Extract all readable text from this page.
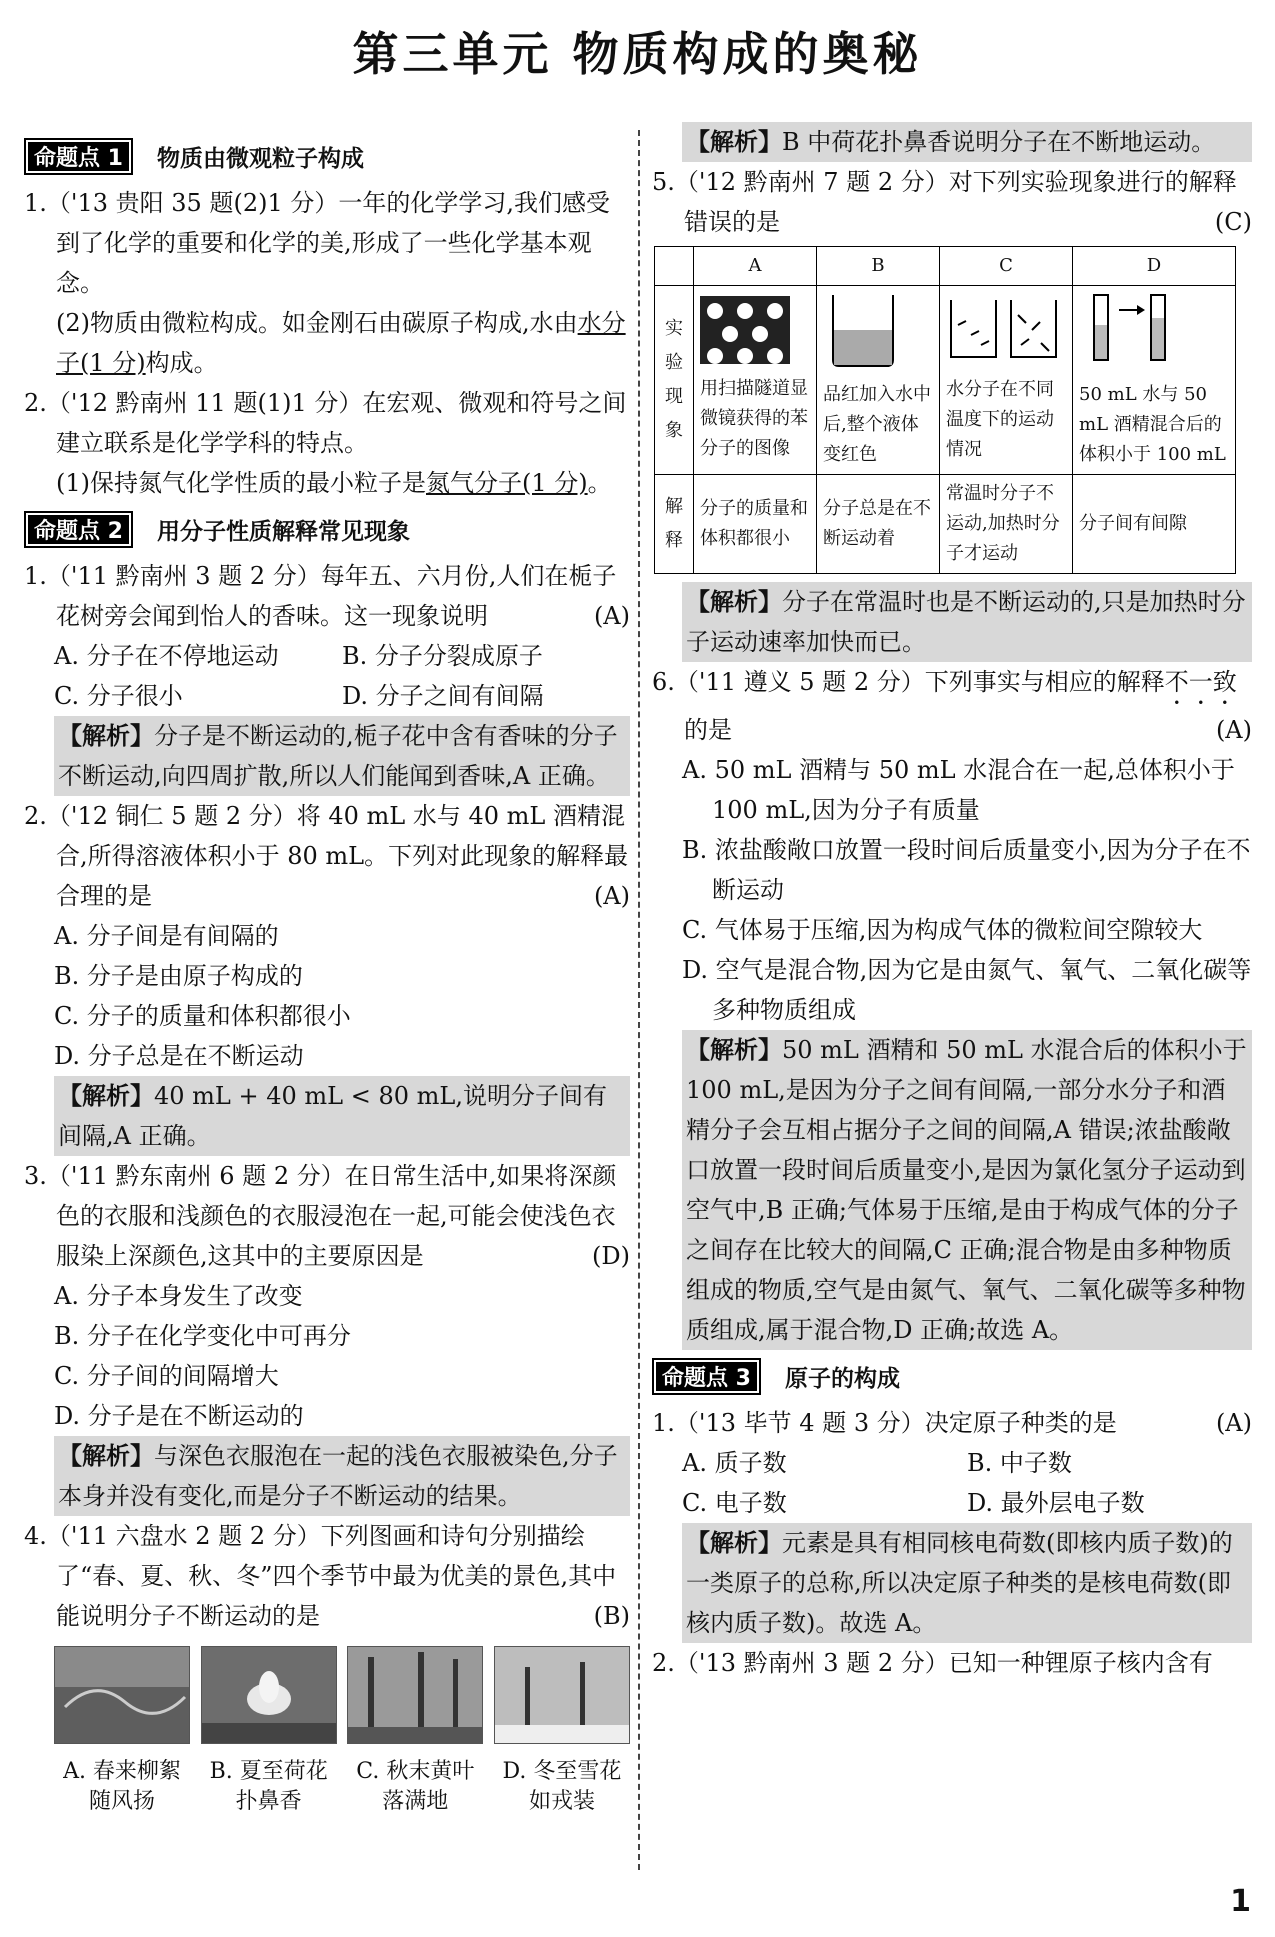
第三单元 物质构成的奥秘
命题点 1	物质由微观粒子构成
1.（'13 贵阳 35 题(2)1 分）一年的化学学习,我们感受到了化学的重要和化学的美,形成了一些化学基本观念。
(2)物质由微粒构成。如金刚石由碳原子构成,水由水分子(1 分)构成。
2.（'12 黔南州 11 题(1)1 分）在宏观、微观和符号之间建立联系是化学学科的特点。
(1)保持氮气化学性质的最小粒子是氮气分子(1 分)。
命题点 2	用分子性质解释常见现象
1.（'11 黔南州 3 题 2 分）每年五、六月份,人们在栀子花树旁会闻到怡人的香味。这一现象说明	(A)
A. 分子在不停地运动	B. 分子分裂成原子
C. 分子很小	D. 分子之间有间隔
【解析】分子是不断运动的,栀子花中含有香味的分子不断运动,向四周扩散,所以人们能闻到香味,A 正确。
2.（'12 铜仁 5 题 2 分）将 40 mL 水与 40 mL 酒精混合,所得溶液体积小于 80 mL。下列对此现象的解释最合理的是	(A)
A. 分子间是有间隔的
B. 分子是由原子构成的
C. 分子的质量和体积都很小
D. 分子总是在不断运动
【解析】40 mL + 40 mL < 80 mL,说明分子间有间隔,A 正确。
3.（'11 黔东南州 6 题 2 分）在日常生活中,如果将深颜色的衣服和浅颜色的衣服浸泡在一起,可能会使浅色衣服染上深颜色,这其中的主要原因是	(D)
A. 分子本身发生了改变
B. 分子在化学变化中可再分
C. 分子间的间隔增大
D. 分子是在不断运动的
【解析】与深色衣服泡在一起的浅色衣服被染色,分子本身并没有变化,而是分子不断运动的结果。
4.（'11 六盘水 2 题 2 分）下列图画和诗句分别描绘了“春、夏、秋、冬”四个季节中最为优美的景色,其中能说明分子不断运动的是	(B)
A. 春来柳絮
随风扬
B. 夏至荷花
扑鼻香
C. 秋末黄叶
落满地
D. 冬至雪花
如戎装
【解析】B 中荷花扑鼻香说明分子在不断地运动。
5.（'12 黔南州 7 题 2 分）对下列实验现象进行的解释错误的是	(C)
	A	B	C	D
实验现象	用扫描隧道显微镜获得的苯分子的图像	品红加入水中后,整个液体变红色	水分子在不同温度下的运动情况	50 mL 水与 50 mL 酒精混合后的体积小于 100 mL

解释	分子的质量和体积都很小	分子总是在不断运动着	常温时分子不运动,加热时分子才运动	分子间有间隙
【解析】分子在常温时也是不断运动的,只是加热时分子运动速率加快而已。
6.（'11 遵义 5 题 2 分）下列事实与相应的解释不一致的是	(A)
A. 50 mL 酒精与 50 mL 水混合在一起,总体积小于 100 mL,因为分子有质量
B. 浓盐酸敞口放置一段时间后质量变小,因为分子在不断运动
C. 气体易于压缩,因为构成气体的微粒间空隙较大
D. 空气是混合物,因为它是由氮气、氧气、二氧化碳等多种物质组成
【解析】50 mL 酒精和 50 mL 水混合后的体积小于 100 mL,是因为分子之间有间隔,一部分水分子和酒精分子会互相占据分子之间的间隔,A 错误;浓盐酸敞口放置一段时间后质量变小,是因为氯化氢分子运动到空气中,B 正确;气体易于压缩,是由于构成气体的分子之间存在比较大的间隔,C 正确;混合物是由多种物质组成的物质,空气是由氮气、氧气、二氧化碳等多种物质组成,属于混合物,D 正确;故选 A。
命题点 3	原子的构成
1.（'13 毕节 4 题 3 分）决定原子种类的是	(A)
A. 质子数	B. 中子数
C. 电子数	D. 最外层电子数
【解析】元素是具有相同核电荷数(即核内质子数)的一类原子的总称,所以决定原子种类的是核电荷数(即核内质子数)。故选 A。
2.（'13 黔南州 3 题 2 分）已知一种锂原子核内含有
1
